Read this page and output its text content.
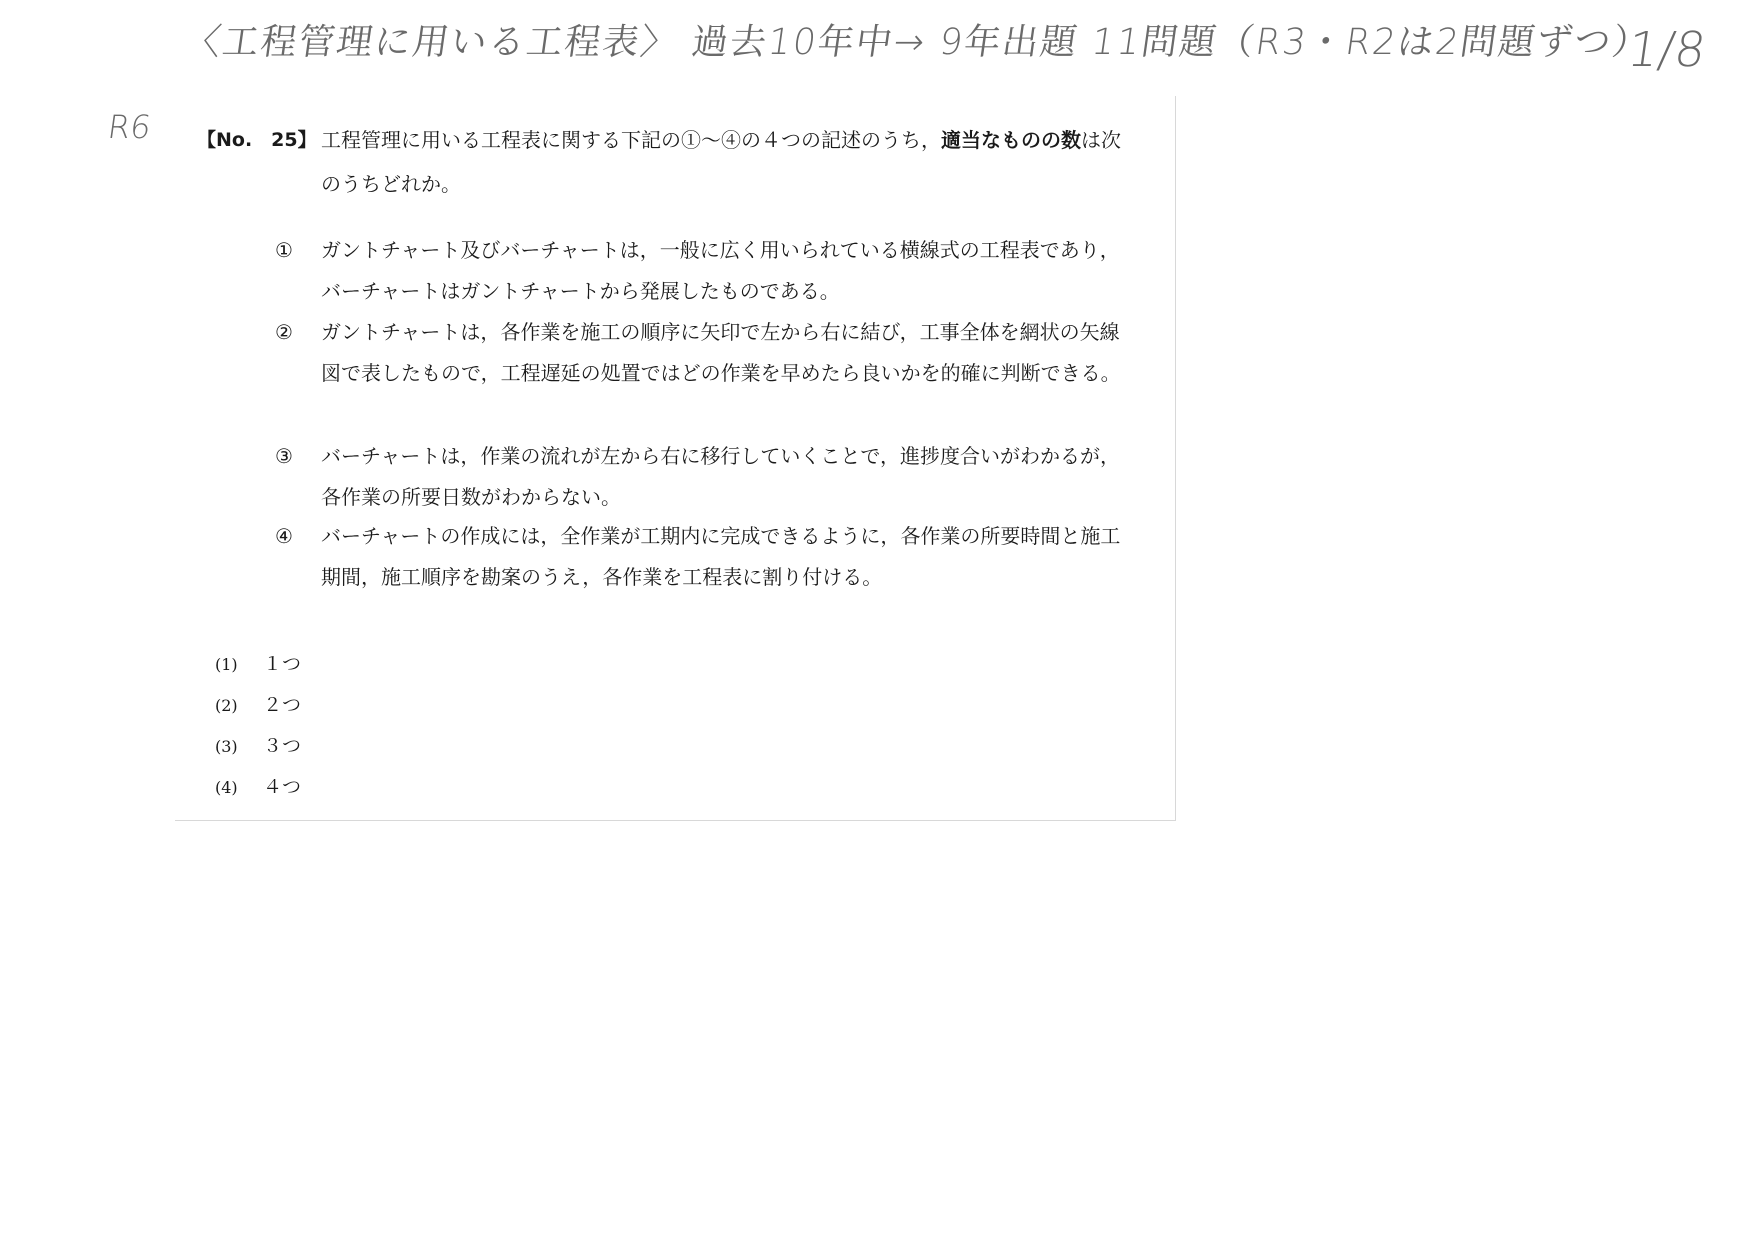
〈工程管理に用いる工程表〉 過去10年中→ 9年出題 11問題（R3・R2は2問題ずつ）
1/8
R6 【No.　25】 工程管理に用いる工程表に関する下記の①～④の４つの記述のうち，適当なものの数は次のうちどれか。
① ガントチャート及びバーチャートは，一般に広く用いられている横線式の工程表であり，バーチャートはガントチャートから発展したものである。
② ガントチャートは，各作業を施工の順序に矢印で左から右に結び，工事全体を網状の矢線図で表したもので，工程遅延の処置ではどの作業を早めたら良いかを的確に判断できる。
③ バーチャートは，作業の流れが左から右に移行していくことで，進捗度合いがわかるが，各作業の所要日数がわからない。
④ バーチャートの作成には，全作業が工期内に完成できるように，各作業の所要時間と施工期間，施工順序を勘案のうえ，各作業を工程表に割り付ける。
(1) １つ
(2) ２つ
(3) ３つ
(4) ４つ
